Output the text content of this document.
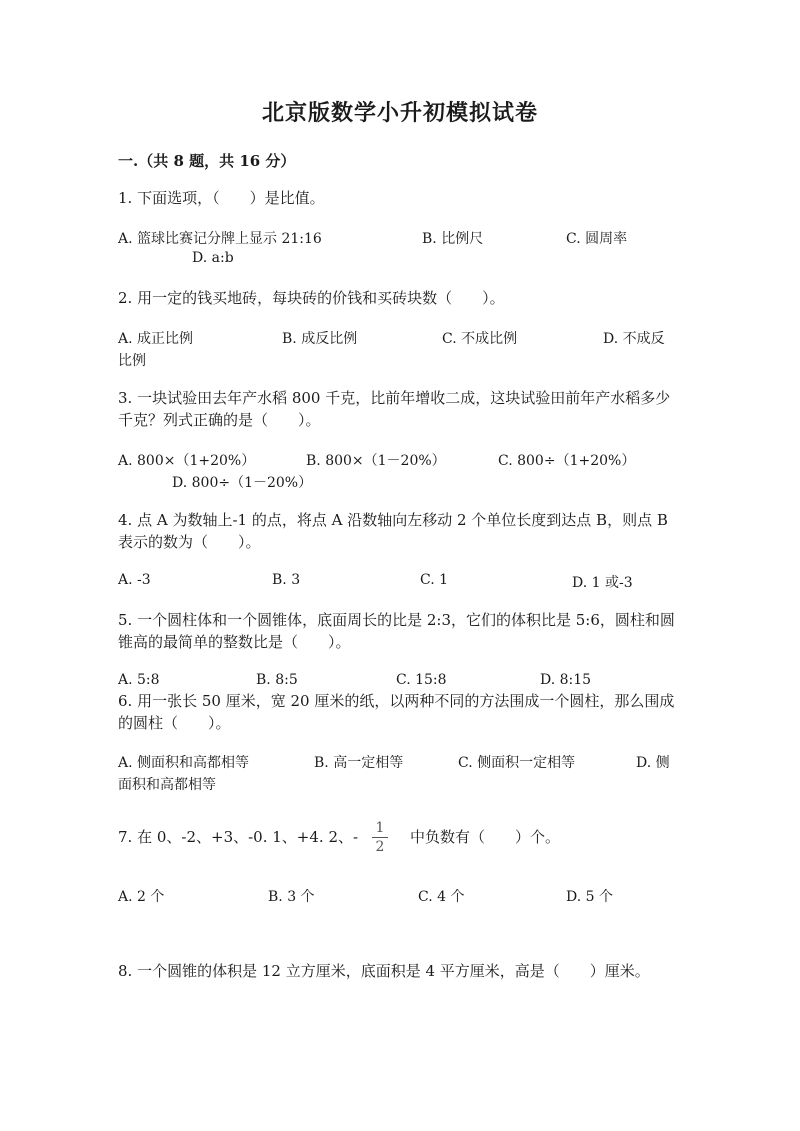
北京版数学小升初模拟试卷
一.（共 8 题，共 16 分）
1. 下面选项，（　　）是比值。
A. 篮球比赛记分牌上显示 21:16	B. 比例尺	C. 圆周率
D. a:b
2. 用一定的钱买地砖，每块砖的价钱和买砖块数（　　）。
A. 成正比例	B. 成反比例	C. 不成比例	D. 不成反
比例
3. 一块试验田去年产水稻 800 千克，比前年增收二成，这块试验田前年产水稻多少千克？列式正确的是（　　）。
A. 800×（1+20%）	B. 800×（1－20%）	C. 800÷（1+20%）
D. 800÷（1－20%）
4. 点 A 为数轴上-1 的点，将点 A 沿数轴向左移动 2 个单位长度到达点 B，则点 B 表示的数为（　　）。
A. -3	B. 3	C. 1	D. 1 或-3
5. 一个圆柱体和一个圆锥体，底面周长的比是 2:3，它们的体积比是 5:6，圆柱和圆锥高的最简单的整数比是（　　）。
A. 5:8	B. 8:5	C. 15:8	D. 8:15
6. 用一张长 50 厘米，宽 20 厘米的纸，以两种不同的方法围成一个圆柱，那么围成的圆柱（　　）。
A. 侧面积和高都相等	B. 高一定相等	C. 侧面积一定相等	D. 侧
面积和高都相等
7. 在 0、-2、+3、-0. 1、+4. 2、- 1
2
中负数有（　　）个。
A. 2 个	B. 3 个	C. 4 个	D. 5 个
8. 一个圆锥的体积是 12 立方厘米，底面积是 4 平方厘米，高是（　　）厘米。
